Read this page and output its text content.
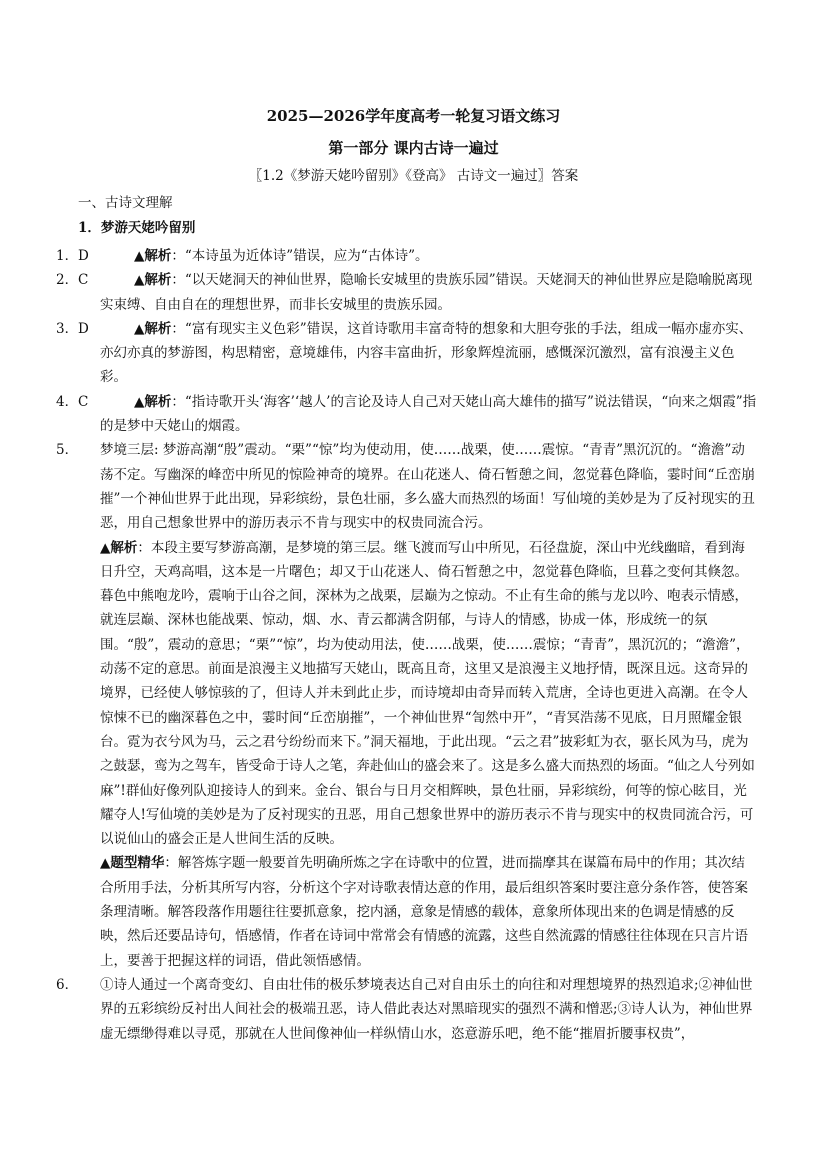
2025—2026学年度高考一轮复习语文练习
第一部分 课内古诗一遍过
〖1.2《梦游天姥吟留别》《登高》 古诗文一遍过〗答案
一、古诗文理解
1．梦游天姥吟留别

1．D	▲解析：“本诗虽为近体诗”错误，应为“古体诗”。

2．C	▲解析：“以天姥洞天的神仙世界，隐喻长安城里的贵族乐园”错误。天姥洞天的神仙世界应是隐喻脱离现实束缚、自由自在的理想世界，而非长安城里的贵族乐园。

3．D	▲解析：“富有现实主义色彩”错误，这首诗歌用丰富奇特的想象和大胆夸张的手法，组成一幅亦虚亦实、亦幻亦真的梦游图，构思精密，意境雄伟，内容丰富曲折，形象辉煌流丽，感慨深沉激烈，富有浪漫主义色彩。

4．C	▲解析：“指诗歌开头‘海客’‘越人’的言论及诗人自己对天姥山高大雄伟的描写”说法错误，“向来之烟霞”指的是梦中天姥山的烟霞。

5． 梦境三层: 梦游高潮“殷”震动。“栗”“惊”均为使动用，使……战栗，使……震惊。“青青”黑沉沉的。“澹澹”动荡不定。写幽深的峰峦中所见的惊险神奇的境界。在山花迷人、倚石暂憩之间，忽觉暮色降临，霎时间“丘峦崩摧”一个神仙世界于此出现，异彩缤纷，景色壮丽，多么盛大而热烈的场面！写仙境的美妙是为了反衬现实的丑恶，用自己想象世界中的游历表示不肯与现实中的权贵同流合污。

▲解析：本段主要写梦游高潮，是梦境的第三层。继飞渡而写山中所见，石径盘旋，深山中光线幽暗，看到海日升空，天鸡高唱，这本是一片曙色；却又于山花迷人、倚石暂憩之中，忽觉暮色降临，旦暮之变何其倏忽。暮色中熊咆龙吟，震响于山谷之间，深林为之战栗，层巅为之惊动。不止有生命的熊与龙以吟、咆表示情感，就连层巅、深林也能战栗、惊动，烟、水、青云都满含阴郁，与诗人的情感，协成一体，形成统一的氛围。“殷”，震动的意思；“栗”“惊”，均为使动用法，使……战栗，使……震惊；“青青”，黑沉沉的；“澹澹”，动荡不定的意思。前面是浪漫主义地描写天姥山，既高且奇，这里又是浪漫主义地抒情，既深且远。这奇异的境界，已经使人够惊骇的了，但诗人并未到此止步，而诗境却由奇异而转入荒唐，全诗也更进入高潮。在令人惊悚不已的幽深暮色之中，霎时间“丘峦崩摧”，一个神仙世界“訇然中开”，“青冥浩荡不见底，日月照耀金银台。霓为衣兮风为马，云之君兮纷纷而来下。”洞天福地，于此出现。“云之君”披彩虹为衣，驱长风为马，虎为之鼓瑟，鸾为之驾车，皆受命于诗人之笔，奔赴仙山的盛会来了。这是多么盛大而热烈的场面。“仙之人兮列如麻”!群仙好像列队迎接诗人的到来。金台、银台与日月交相辉映，景色壮丽，异彩缤纷，何等的惊心眩目，光耀夺人!写仙境的美妙是为了反衬现实的丑恶，用自己想象世界中的游历表示不肯与现实中的权贵同流合污，可以说仙山的盛会正是人世间生活的反映。

▲题型精华：解答炼字题一般要首先明确所炼之字在诗歌中的位置，进而揣摩其在谋篇布局中的作用；其次结合所用手法，分析其所写内容，分析这个字对诗歌表情达意的作用，最后组织答案时要注意分条作答，使答案条理清晰。解答段落作用题往往要抓意象，挖内涵，意象是情感的载体，意象所体现出来的色调是情感的反映，然后还要品诗句，悟感情，作者在诗词中常常会有情感的流露，这些自然流露的情感往往体现在只言片语上，要善于把握这样的词语，借此领悟感情。

6． ①诗人通过一个离奇变幻、自由壮伟的极乐梦境表达自己对自由乐土的向往和对理想境界的热烈追求;②神仙世界的五彩缤纷反衬出人间社会的极端丑恶，诗人借此表达对黑暗现实的强烈不满和憎恶;③诗人认为，神仙世界虚无缥缈得难以寻觅，那就在人世间像神仙一样纵情山水，恣意游乐吧，绝不能“摧眉折腰事权贵”，
